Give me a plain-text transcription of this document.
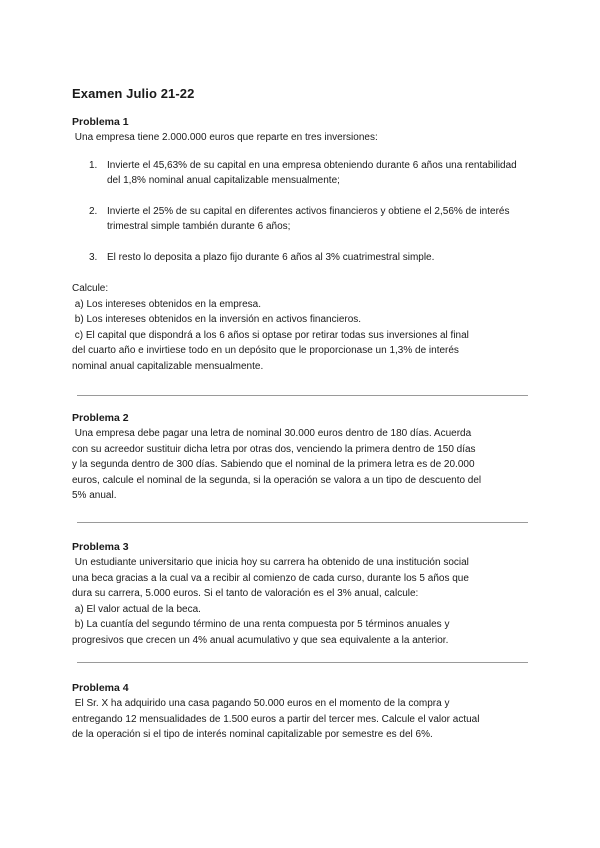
Examen Julio 21-22
Problema 1
Una empresa tiene 2.000.000 euros que reparte en tres inversiones:
1. Invierte el 45,63% de su capital en una empresa obteniendo durante 6 años una rentabilidad del 1,8% nominal anual capitalizable mensualmente;
2. Invierte el 25% de su capital en diferentes activos financieros y obtiene el 2,56% de interés trimestral simple también durante 6 años;
3. El resto lo deposita a plazo fijo durante 6 años al 3% cuatrimestral simple.
Calcule:
a) Los intereses obtenidos en la empresa.
b) Los intereses obtenidos en la inversión en activos financieros.
c) El capital que dispondrá a los 6 años si optase por retirar todas sus inversiones al final
del cuarto año e invirtiese todo en un depósito que le proporcionase un 1,3% de interés
nominal anual capitalizable mensualmente.
Problema 2
Una empresa debe pagar una letra de nominal 30.000 euros dentro de 180 días. Acuerda
con su acreedor sustituir dicha letra por otras dos, venciendo la primera dentro de 150 días
y la segunda dentro de 300 días. Sabiendo que el nominal de la primera letra es de 20.000
euros, calcule el nominal de la segunda, si la operación se valora a un tipo de descuento del
5% anual.
Problema 3
Un estudiante universitario que inicia hoy su carrera ha obtenido de una institución social
una beca gracias a la cual va a recibir al comienzo de cada curso, durante los 5 años que
dura su carrera, 5.000 euros. Si el tanto de valoración es el 3% anual, calcule:
a) El valor actual de la beca.
b) La cuantía del segundo término de una renta compuesta por 5 términos anuales y
progresivos que crecen un 4% anual acumulativo y que sea equivalente a la anterior.
Problema 4
El Sr. X ha adquirido una casa pagando 50.000 euros en el momento de la compra y
entregando 12 mensualidades de 1.500 euros a partir del tercer mes. Calcule el valor actual
de la operación si el tipo de interés nominal capitalizable por semestre es del 6%.
